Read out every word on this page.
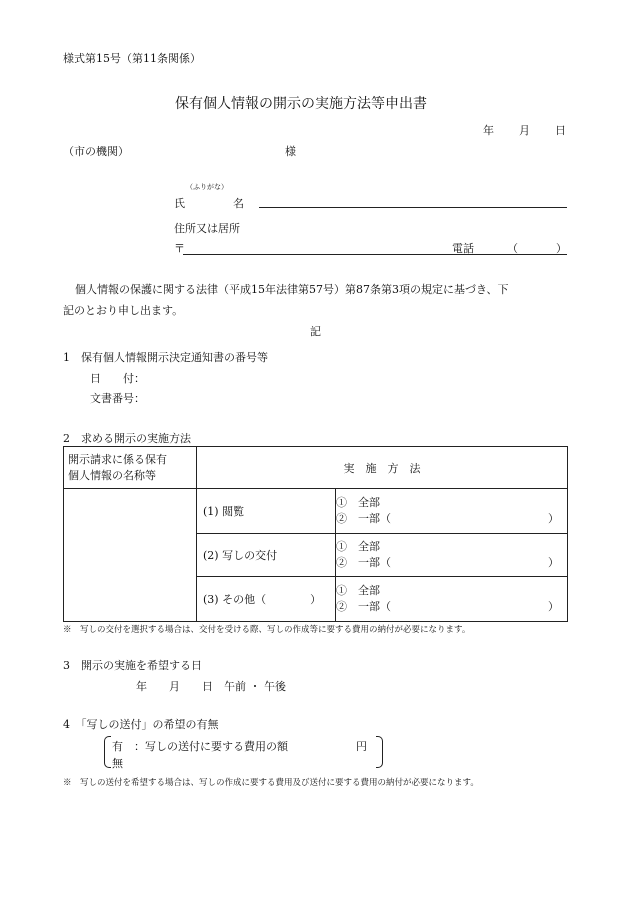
様式第15号（第11条関係）
保有個人情報の開示の実施方法等申出書
年 月 日
（市の機関）	様
（ふりがな）
氏	名
住所又は居所
〒	電話	（	）
個人情報の保護に関する法律（平成15年法律第57号）第87条第3項の規定に基づき、下
記のとおり申し出ます。
記
1　保有個人情報開示決定通知書の番号等
日　　付：
文書番号：
2　求める開示の実施方法
開示請求に係る保有
個人情報の名称等	実　施　方　法	
	(1) 閲覧	①　全部
②　一部（ ）

	(2) 写しの交付	①　全部
②　一部（ ）

	(3) その他（　　　　）	①　全部
②　一部（ ）
※　写しの交付を選択する場合は、交付を受ける際、写しの作成等に要する費用の納付が必要になります。
3　開示の実施を希望する日
年　　月　　日　午前 ・ 午後
4　「写しの送付」の希望の有無
有　：写しの送付に要する費用の額	円
無
※　写しの送付を希望する場合は、写しの作成に要する費用及び送付に要する費用の納付が必要になります。
